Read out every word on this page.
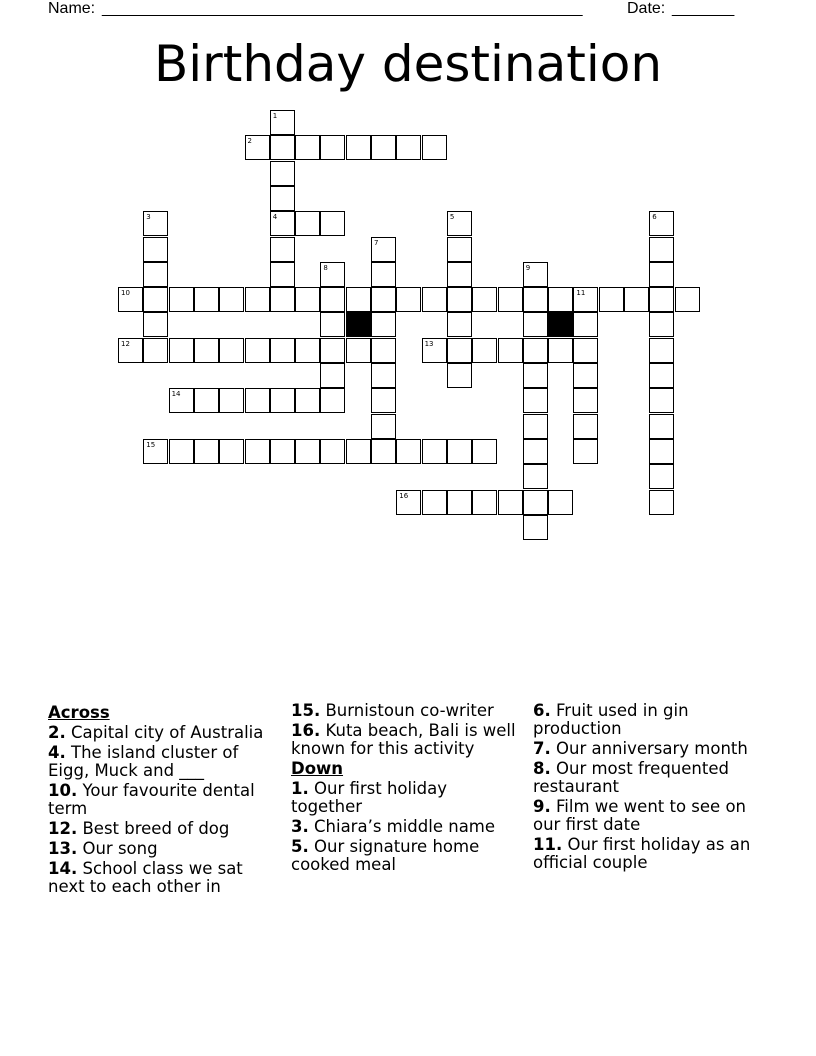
Name: ______________________________________________________	Date: _______
Birthday destination
1
4
2
3	5	6
7
8	9
10	11
12	13
14
15
16
Across
2. Capital city of Australia
4. The island cluster of Eigg, Muck and ___
10. Your favourite dental term
12. Best breed of dog
13. Our song
14. School class we sat next to each other in
15. Burnistoun co-writer
16. Kuta beach, Bali is well known for this activity
Down
1. Our first holiday together
3. Chiara’s middle name
5. Our signature home cooked meal
6. Fruit used in gin production
7. Our anniversary month
8. Our most frequented restaurant
9. Film we went to see on our first date
11. Our first holiday as an official couple
